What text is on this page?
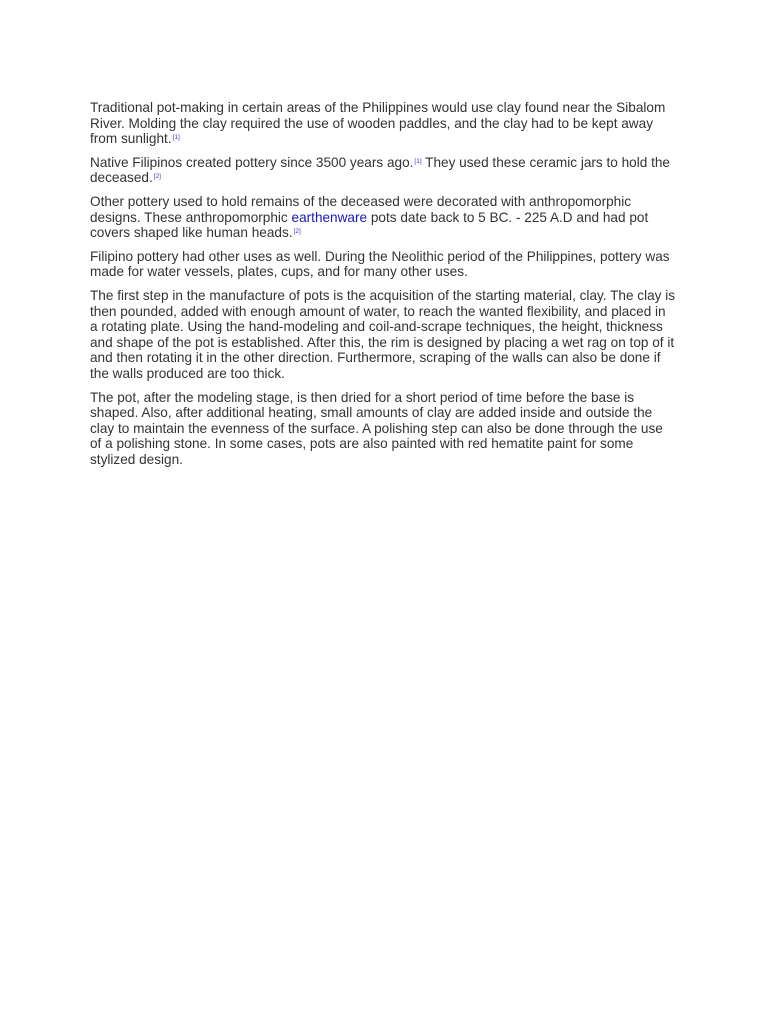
Traditional pot-making in certain areas of the Philippines would use clay found near the Sibalom River. Molding the clay required the use of wooden paddles, and the clay had to be kept away from sunlight.[1]

Native Filipinos created pottery since 3500 years ago.[1] They used these ceramic jars to hold the deceased.[2]

Other pottery used to hold remains of the deceased were decorated with anthropomorphic designs. These anthropomorphic earthenware pots date back to 5 BC. - 225 A.D and had pot covers shaped like human heads.[2]

Filipino pottery had other uses as well. During the Neolithic period of the Philippines, pottery was made for water vessels, plates, cups, and for many other uses.

The first step in the manufacture of pots is the acquisition of the starting material, clay. The clay is then pounded, added with enough amount of water, to reach the wanted flexibility, and placed in a rotating plate. Using the hand-modeling and coil-and-scrape techniques, the height, thickness and shape of the pot is established. After this, the rim is designed by placing a wet rag on top of it and then rotating it in the other direction. Furthermore, scraping of the walls can also be done if the walls produced are too thick.

The pot, after the modeling stage, is then dried for a short period of time before the base is shaped. Also, after additional heating, small amounts of clay are added inside and outside the clay to maintain the evenness of the surface. A polishing step can also be done through the use of a polishing stone. In some cases, pots are also painted with red hematite paint for some stylized design.
